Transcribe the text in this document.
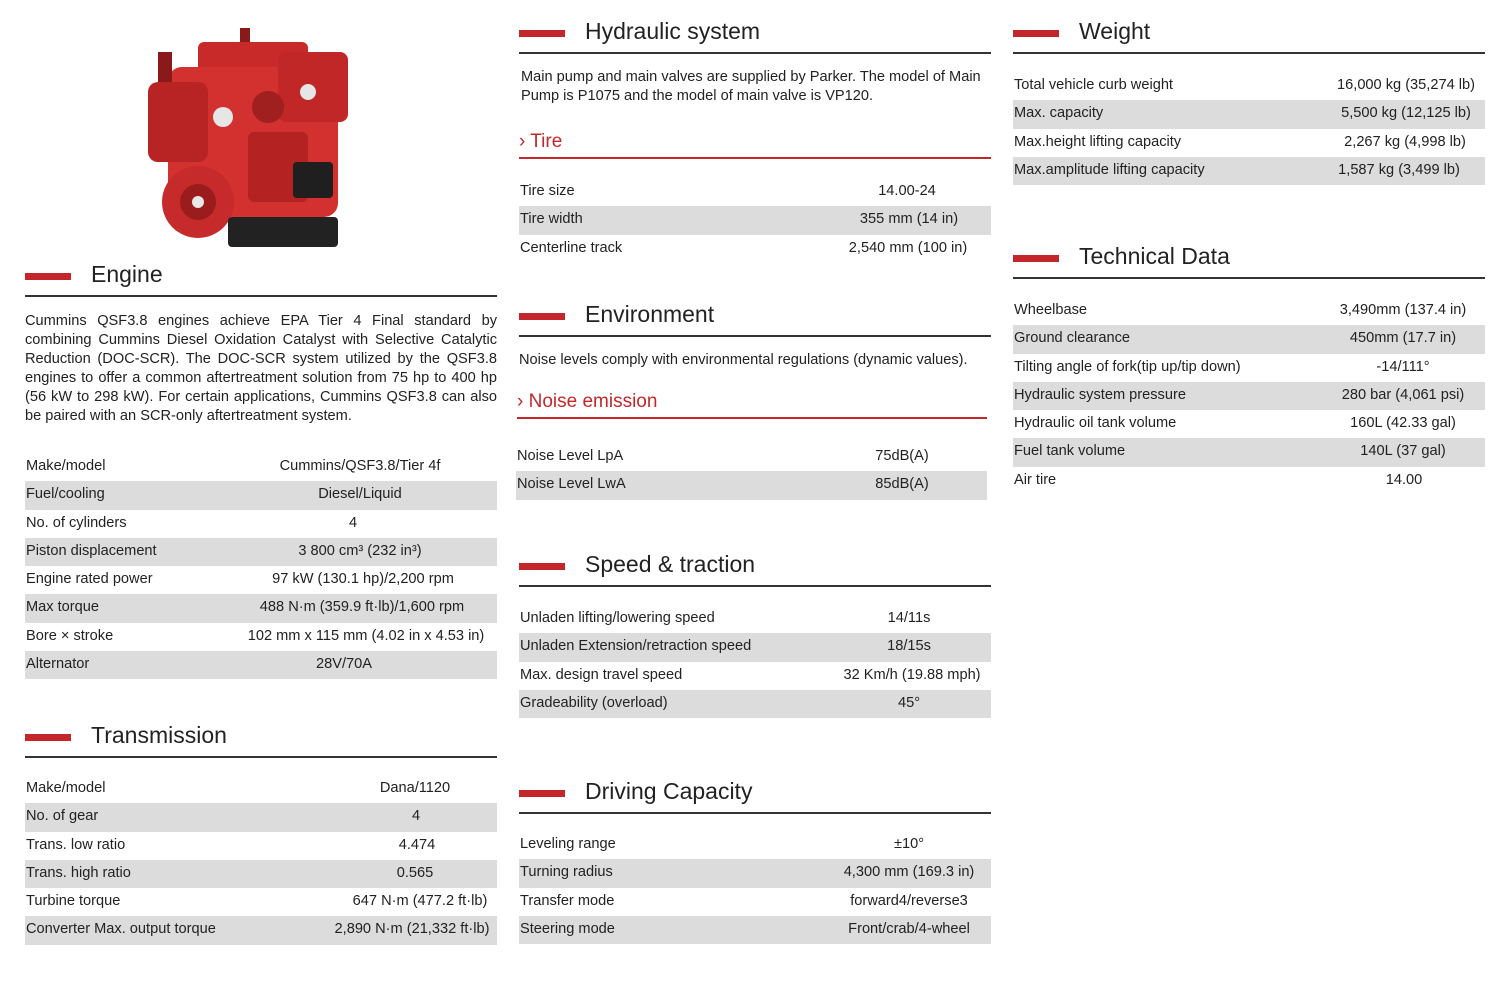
Engine
Cummins QSF3.8 engines achieve EPA Tier 4 Final standard by combining Cummins Diesel Oxidation Catalyst with Selective Catalytic Reduction (DOC-SCR). The DOC-SCR system utilized by the QSF3.8 engines to offer a common aftertreatment solution from 75 hp to 400 hp (56 kW to 298 kW). For certain applications, Cummins QSF3.8 can also be paired with an SCR-only aftertreatment system.
Make/model	Cummins/QSF3.8/Tier 4f
Fuel/cooling	Diesel/Liquid
No. of cylinders	4
Piston displacement	3 800 cm³ (232 in³)
Engine rated power	97 kW (130.1 hp)/2,200 rpm
Max torque	488 N·m (359.9 ft·lb)/1,600 rpm
Bore × stroke	102 mm x 115 mm (4.02 in x 4.53 in)
Alternator	28V/70A
Transmission
Make/model	Dana/1120
No. of gear	4
Trans. low ratio	4.474
Trans. high ratio	0.565
Turbine torque	647 N·m (477.2 ft·lb)
Converter Max. output torque	2,890 N·m (21,332 ft·lb)
Hydraulic system
Main pump and main valves are supplied by Parker. The model of Main Pump is P1075 and the model of main valve is VP120.
› Tire
Tire size	14.00-24
Tire width	355 mm (14 in)
Centerline track	2,540 mm (100 in)
Environment
Noise levels comply with environmental regulations (dynamic values).
› Noise emission
Noise Level LpA	75dB(A)
Noise Level LwA	85dB(A)
Speed & traction
Unladen lifting/lowering speed	14/11s
Unladen Extension/retraction speed	18/15s
Max. design travel speed	32 Km/h (19.88 mph)
Gradeability (overload)	45°
Driving Capacity
Leveling range	±10°
Turning radius	4,300 mm (169.3 in)
Transfer mode	forward4/reverse3
Steering mode	Front/crab/4-wheel
Weight
Total vehicle curb weight	16,000 kg (35,274 lb)
Max. capacity	5,500 kg (12,125 lb)
Max.height lifting capacity	2,267 kg (4,998 lb)
Max.amplitude lifting capacity	1,587 kg (3,499 lb)
Technical Data
Wheelbase	3,490mm (137.4 in)
Ground clearance	450mm (17.7 in)
Tilting angle of fork(tip up/tip down)	-14/111°
Hydraulic system pressure	280 bar (4,061 psi)
Hydraulic oil tank volume	160L (42.33 gal)
Fuel tank volume	140L (37 gal)
Air tire	14.00
